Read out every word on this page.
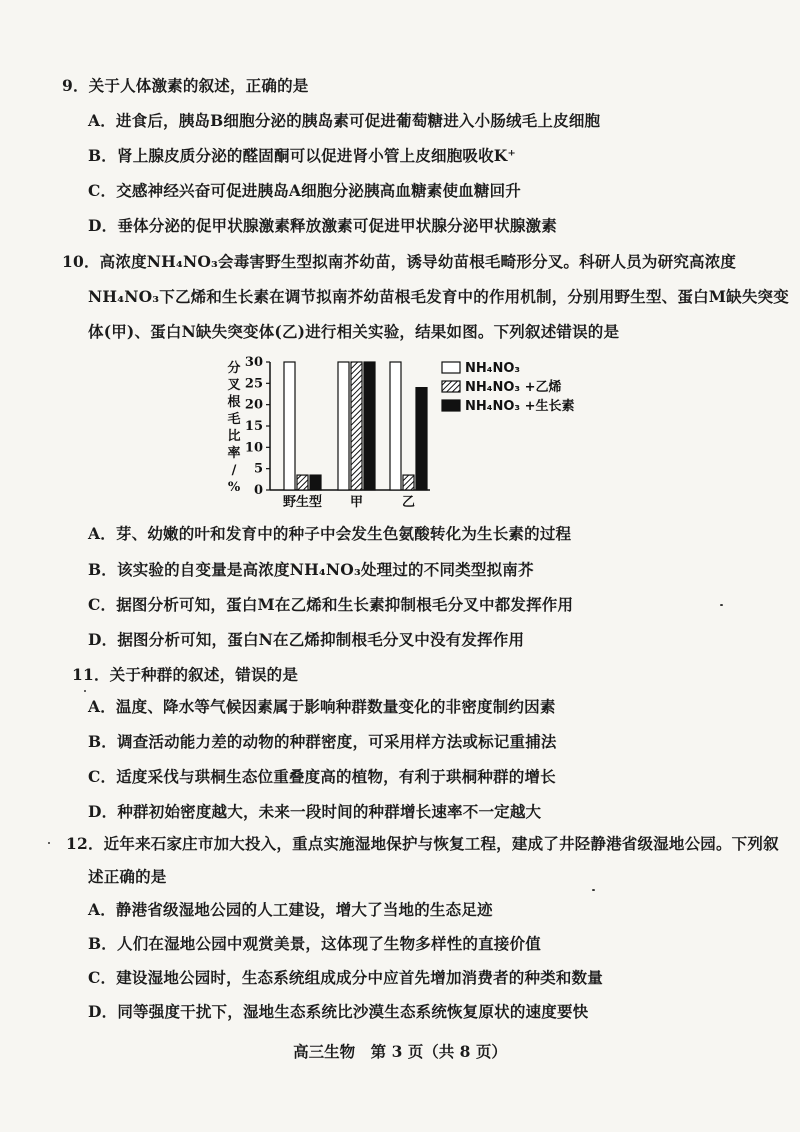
9．关于人体激素的叙述，正确的是
A．进食后，胰岛B细胞分泌的胰岛素可促进葡萄糖进入小肠绒毛上皮细胞
B．肾上腺皮质分泌的醛固酮可以促进肾小管上皮细胞吸收K⁺
C．交感神经兴奋可促进胰岛A细胞分泌胰高血糖素使血糖回升
D．垂体分泌的促甲状腺激素释放激素可促进甲状腺分泌甲状腺激素
10．高浓度NH₄NO₃会毒害野生型拟南芥幼苗，诱导幼苗根毛畸形分叉。科研人员为研究高浓度
NH₄NO₃下乙烯和生长素在调节拟南芥幼苗根毛发育中的作用机制，分别用野生型、蛋白M缺失突变
体(甲)、蛋白N缺失突变体(乙)进行相关实验，结果如图。下列叙述错误的是
分叉根毛比率/ % 0
5
10
15
20
25
30
野生型 甲	乙
NH₄NO₃
NH₄NO₃ +乙烯
NH₄NO₃ +生长素
A．芽、幼嫩的叶和发育中的种子中会发生色氨酸转化为生长素的过程
B．该实验的自变量是高浓度NH₄NO₃处理过的不同类型拟南芥
C．据图分析可知，蛋白M在乙烯和生长素抑制根毛分叉中都发挥作用
D．据图分析可知，蛋白N在乙烯抑制根毛分叉中没有发挥作用
11．关于种群的叙述，错误的是
A．温度、降水等气候因素属于影响种群数量变化的非密度制约因素
B．调查活动能力差的动物的种群密度，可采用样方法或标记重捕法
C．适度采伐与珙桐生态位重叠度高的植物，有利于珙桐种群的增长
D．种群初始密度越大，未来一段时间的种群增长速率不一定越大
12．近年来石家庄市加大投入，重点实施湿地保护与恢复工程，建成了井陉静港省级湿地公园。下列叙
述正确的是
A．静港省级湿地公园的人工建设，增大了当地的生态足迹
B．人们在湿地公园中观赏美景，这体现了生物多样性的直接价值
C．建设湿地公园时，生态系统组成成分中应首先增加消费者的种类和数量
D．同等强度干扰下，湿地生态系统比沙漠生态系统恢复原状的速度要快
高三生物　第 3 页（共 8 页）
